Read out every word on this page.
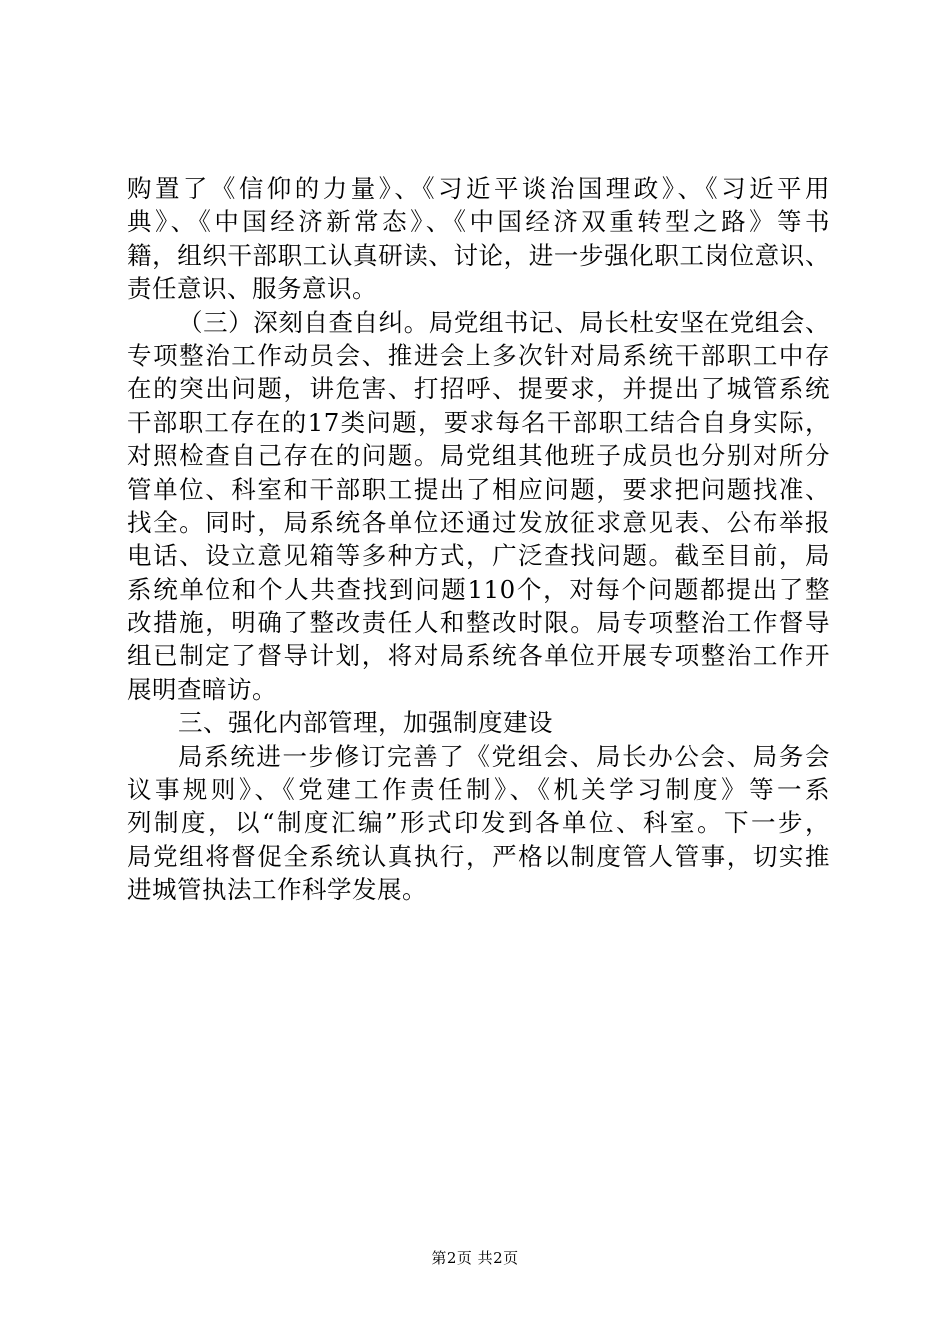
购置了《信仰的力量》、《习近平谈治国理政》、《习近平用
典》、《中国经济新常态》、《中国经济双重转型之路》等书
籍，组织干部职工认真研读、讨论，进一步强化职工岗位意识、
责任意识、服务意识。
（三）深刻自查自纠。局党组书记、局长杜安坚在党组会、
专项整治工作动员会、推进会上多次针对局系统干部职工中存
在的突出问题，讲危害、打招呼、提要求，并提出了城管系统
干部职工存在的17类问题，要求每名干部职工结合自身实际，
对照检查自己存在的问题。局党组其他班子成员也分别对所分
管单位、科室和干部职工提出了相应问题，要求把问题找准、
找全。同时，局系统各单位还通过发放征求意见表、公布举报
电话、设立意见箱等多种方式，广泛查找问题。截至目前，局
系统单位和个人共查找到问题110个，对每个问题都提出了整
改措施，明确了整改责任人和整改时限。局专项整治工作督导
组已制定了督导计划，将对局系统各单位开展专项整治工作开
展明查暗访。
三、强化内部管理，加强制度建设
局系统进一步修订完善了《党组会、局长办公会、局务会
议事规则》、《党建工作责任制》、《机关学习制度》等一系
列制度，以“制度汇编”形式印发到各单位、科室。下一步，
局党组将督促全系统认真执行，严格以制度管人管事，切实推
进城管执法工作科学发展。
第2页 共2页
